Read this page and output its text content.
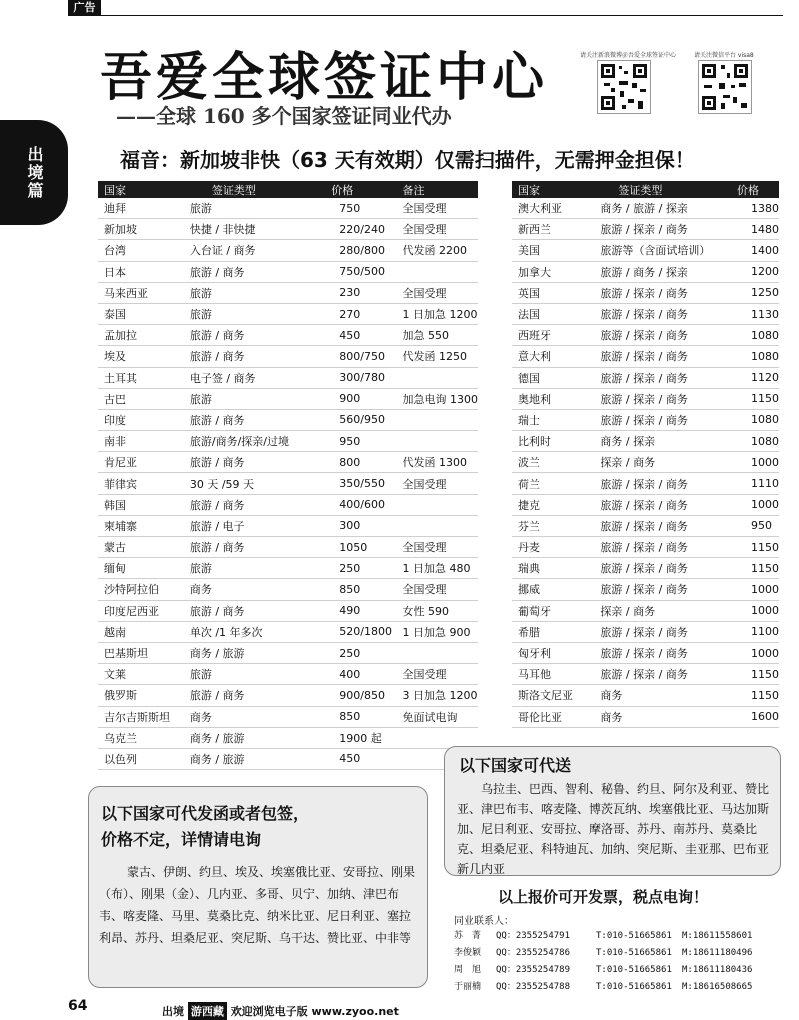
广告
出境篇
吾爱全球签证中心
——全球 160 多个国家签证同业代办
请关注新浪微博＠吾爱全球签证中心	请关注微信平台 visa8
福音：新加坡非快（63 天有效期）仅需扫描件，无需押金担保！
国家	签证类型	价格	备注
迪拜	旅游	750	全国受理
新加坡	快捷 / 非快捷	220/240	全国受理
台湾	入台证 / 商务	280/800	代发函 2200
日本	旅游 / 商务	750/500	
马来西亚	旅游	230	全国受理
泰国	旅游	270	1 日加急 1200
孟加拉	旅游 / 商务	450	加急 550
埃及	旅游 / 商务	800/750	代发函 1250
土耳其	电子签 / 商务	300/780	
古巴	旅游	900	加急电询 1300
印度	旅游 / 商务	560/950	
南非	旅游/商务/探亲/过境	950	
肯尼亚	旅游 / 商务	800	代发函 1300
菲律宾	30 天 /59 天	350/550	全国受理
韩国	旅游 / 商务	400/600	
柬埔寨	旅游 / 电子	300	
蒙古	旅游 / 商务	1050	全国受理
缅甸	旅游	250	1 日加急 480
沙特阿拉伯	商务	850	全国受理
印度尼西亚	旅游 / 商务	490	女性 590
越南	单次 /1 年多次	520/1800	1 日加急 900
巴基斯坦	商务 / 旅游	250	
文莱	旅游	400	全国受理
俄罗斯	旅游 / 商务	900/850	3 日加急 1200
吉尔吉斯斯坦	商务	850	免面试电询
乌克兰	商务 / 旅游	1900 起	
以色列	商务 / 旅游	450	
国家	签证类型	价格
澳大利亚	商务 / 旅游 / 探亲	1380
新西兰	旅游 / 探亲 / 商务	1480
美国	旅游等（含面试培训）	1400
加拿大	旅游 / 商务 / 探亲	1200
英国	旅游 / 探亲 / 商务	1250
法国	旅游 / 探亲 / 商务	1130
西班牙	旅游 / 探亲 / 商务	1080
意大利	旅游 / 探亲 / 商务	1080
德国	旅游 / 探亲 / 商务	1120
奥地利	旅游 / 探亲 / 商务	1150
瑞士	旅游 / 探亲 / 商务	1080
比利时	商务 / 探亲	1080
波兰	探亲 / 商务	1000
荷兰	旅游 / 探亲 / 商务	1110
捷克	旅游 / 探亲 / 商务	1000
芬兰	旅游 / 探亲 / 商务	950
丹麦	旅游 / 探亲 / 商务	1150
瑞典	旅游 / 探亲 / 商务	1150
挪威	旅游 / 探亲 / 商务	1000
葡萄牙	探亲 / 商务	1000
希腊	旅游 / 探亲 / 商务	1100
匈牙利	旅游 / 探亲 / 商务	1000
马耳他	旅游 / 探亲 / 商务	1150
斯洛文尼亚	商务	1150
哥伦比亚	商务	1600
以下国家可代送
乌拉圭、巴西、智利、秘鲁、约旦、阿尔及利亚、赞比亚、津巴布韦、喀麦隆、博茨瓦纳、埃塞俄比亚、马达加斯加、尼日利亚、安哥拉、摩洛哥、苏丹、南苏丹、莫桑比克、坦桑尼亚、科特迪瓦、加纳、突尼斯、圭亚那、巴布亚新几内亚
以下国家可代发函或者包签，
价格不定，详情请电询
蒙古、伊朗、约旦、埃及、埃塞俄比亚、安哥拉、刚果（布）、刚果（金）、几内亚、多哥、贝宁、加纳、津巴布韦、喀麦隆、马里、莫桑比克、纳米比亚、尼日利亚、塞拉利昂、苏丹、坦桑尼亚、突尼斯、乌干达、赞比亚、中非等
以上报价可开发票，税点电询！
同业联系人：
苏　菁 QQ：2355254791	T:010-51665861 M:18611558601
李俊颖 QQ：2355254786	T:010-51665861 M:18611180496
周　旭 QQ：2355254789	T:010-51665861 M:18611180436
于丽楠 QQ：2355254788	T:010-51665861 M:18616508665
64	出境 游西藏 欢迎浏览电子版 www.zyoo.net
